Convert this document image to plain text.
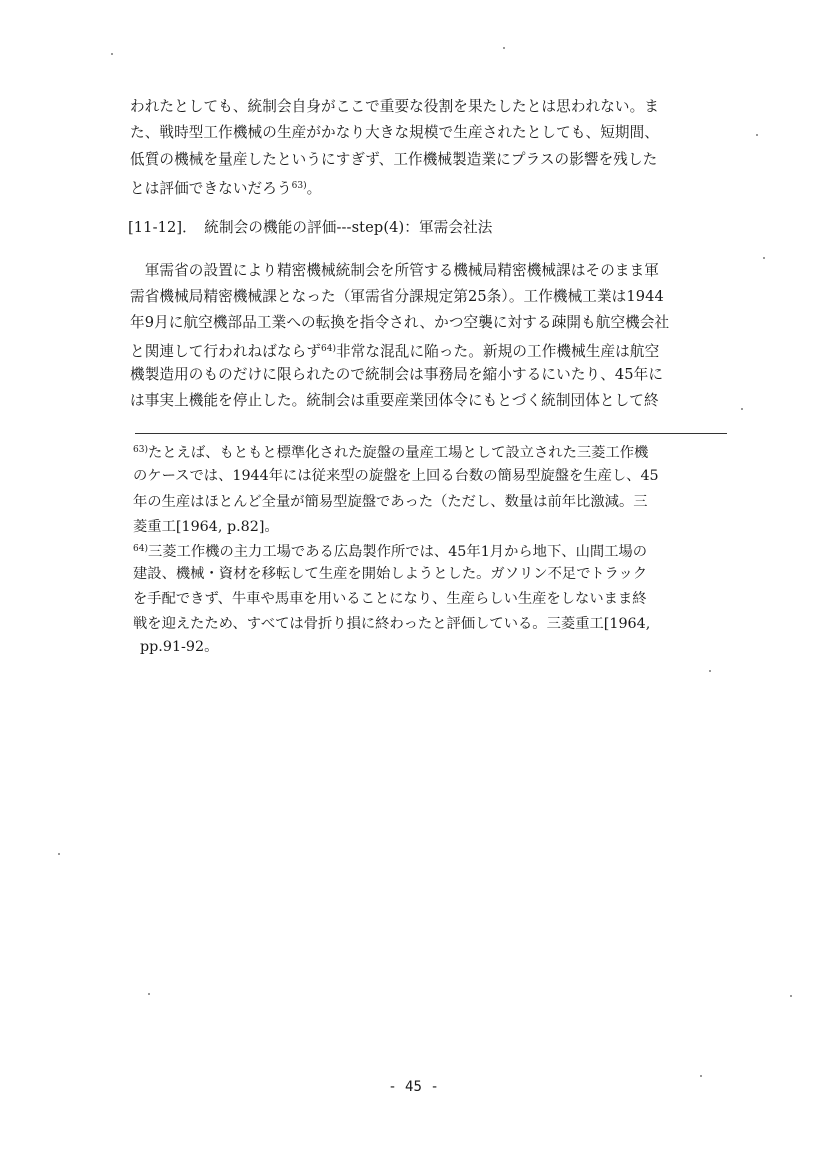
われたとしても、統制会自身がここで重要な役割を果たしたとは思われない。ま
た、戦時型工作機械の生産がかなり大きな規模で生産されたとしても、短期間、
低質の機械を量産したというにすぎず、工作機械製造業にプラスの影響を残した
とは評価できないだろう$^{63)}$。
[11-12]．　統制会の機能の評価---step(4)：軍需会社法
　軍需省の設置により精密機械統制会を所管する機械局精密機械課はそのまま軍
需省機械局精密機械課となった（軍需省分課規定第25条）。工作機械工業は1944
年9月に航空機部品工業への転換を指令され、かつ空襲に対する疎開も航空機会社
と関連して行われねばならず$^{64)}$非常な混乱に陥った。新規の工作機械生産は航空
機製造用のものだけに限られたので統制会は事務局を縮小するにいたり、45年に
は事実上機能を停止した。統制会は重要産業団体令にもとづく統制団体として終
$^{63)}$たとえば、もともと標準化された旋盤の量産工場として設立された三菱工作機
のケースでは、1944年には従来型の旋盤を上回る台数の簡易型旋盤を生産し、45
年の生産はほとんど全量が簡易型旋盤であった（ただし、数量は前年比激減。三
菱重工[1964, p.82]。
$^{64)}$三菱工作機の主力工場である広島製作所では、45年1月から地下、山間工場の
建設、機械・資材を移転して生産を開始しようとした。ガソリン不足でトラック
を手配できず、牛車や馬車を用いることになり、生産らしい生産をしないまま終
戦を迎えたため、すべては骨折り損に終わったと評価している。三菱重工[1964,
pp.91-92。
- 45 -
